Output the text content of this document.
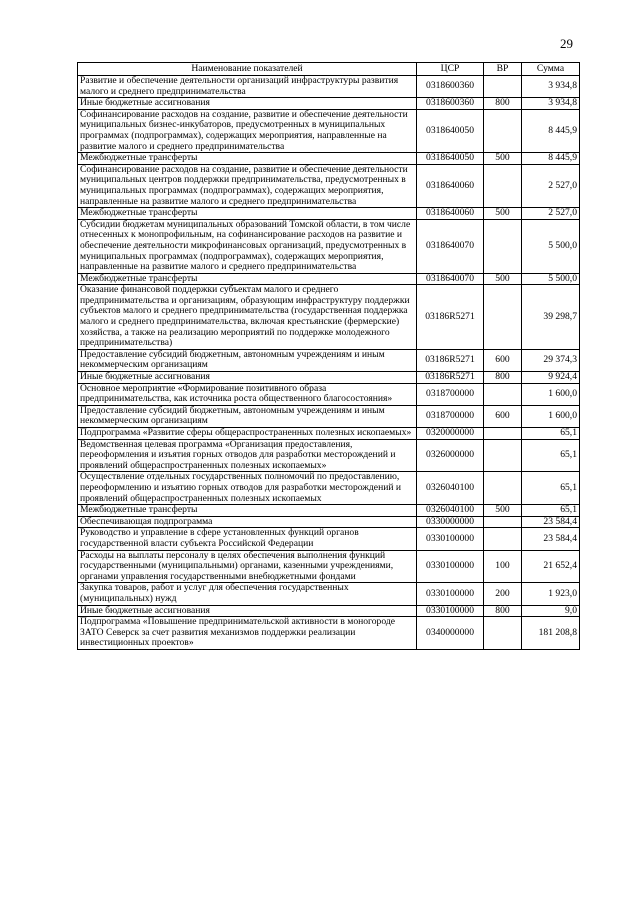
29
Наименование показателей	ЦСР	ВР	Сумма
Развитие и обеспечение деятельности организаций инфраструктуры развития малого и среднего предпринимательства	0318600360		3 934,8
Иные бюджетные ассигнования	0318600360	800	3 934,8
Софинансирование расходов на создание, развитие и обеспечение деятельности муниципальных бизнес-инкубаторов, предусмотренных в муниципальных программах (подпрограммах), содержащих мероприятия, направленные на развитие малого и среднего предпринимательства	0318640050		8 445,9
Межбюджетные трансферты	0318640050	500	8 445,9
Софинансирование расходов на создание, развитие и обеспечение деятельности муниципальных центров поддержки предпринимательства, предусмотренных в муниципальных программах (подпрограммах), содержащих мероприятия, направленные на развитие малого и среднего предпринимательства	0318640060		2 527,0
Межбюджетные трансферты	0318640060	500	2 527,0
Субсидии бюджетам муниципальных образований Томской области, в том числе отнесенных к монопрофильным, на софинансирование расходов на развитие и обеспечение деятельности микрофинансовых организаций, предусмотренных в муниципальных программах (подпрограммах), содержащих мероприятия, направленные на развитие малого и среднего предпринимательства	0318640070		5 500,0
Межбюджетные трансферты	0318640070	500	5 500,0
Оказание финансовой поддержки субъектам малого и среднего предпринимательства и организациям, образующим инфраструктуру поддержки субъектов малого и среднего предпринимательства (государственная поддержка малого и среднего предпринимательства, включая крестьянские (фермерские) хозяйства, а также на реализацию мероприятий по поддержке молодежного предпринимательства)	03186R5271		39 298,7
Предоставление субсидий бюджетным, автономным учреждениям и иным некоммерческим организациям	03186R5271	600	29 374,3
Иные бюджетные ассигнования	03186R5271	800	9 924,4
Основное мероприятие «Формирование позитивного образа предпринимательства, как источника роста общественного благосостояния»	0318700000		1 600,0
Предоставление субсидий бюджетным, автономным учреждениям и иным некоммерческим организациям	0318700000	600	1 600,0
Подпрограмма «Развитие сферы общераспространенных полезных ископаемых»	0320000000		65,1
Ведомственная целевая программа «Организация предоставления, переоформления и изъятия горных отводов для разработки месторождений и проявлений общераспространенных полезных ископаемых»	0326000000		65,1
Осуществление отдельных государственных полномочий по предоставлению, переоформлению и изъятию горных отводов для разработки месторождений и проявлений общераспространенных полезных ископаемых	0326040100		65,1
Межбюджетные трансферты	0326040100	500	65,1
Обеспечивающая подпрограмма	0330000000		23 584,4
Руководство и управление в сфере установленных функций органов государственной власти субъекта Российской Федерации	0330100000		23 584,4
Расходы на выплаты персоналу в целях обеспечения выполнения функций государственными (муниципальными) органами, казенными учреждениями, органами управления государственными внебюджетными фондами	0330100000	100	21 652,4
Закупка товаров, работ и услуг для обеспечения государственных (муниципальных) нужд	0330100000	200	1 923,0
Иные бюджетные ассигнования	0330100000	800	9,0
Подпрограмма «Повышение предпринимательской активности в моногороде ЗАТО Северск за счет развития механизмов поддержки реализации инвестиционных проектов»	0340000000		181 208,8
